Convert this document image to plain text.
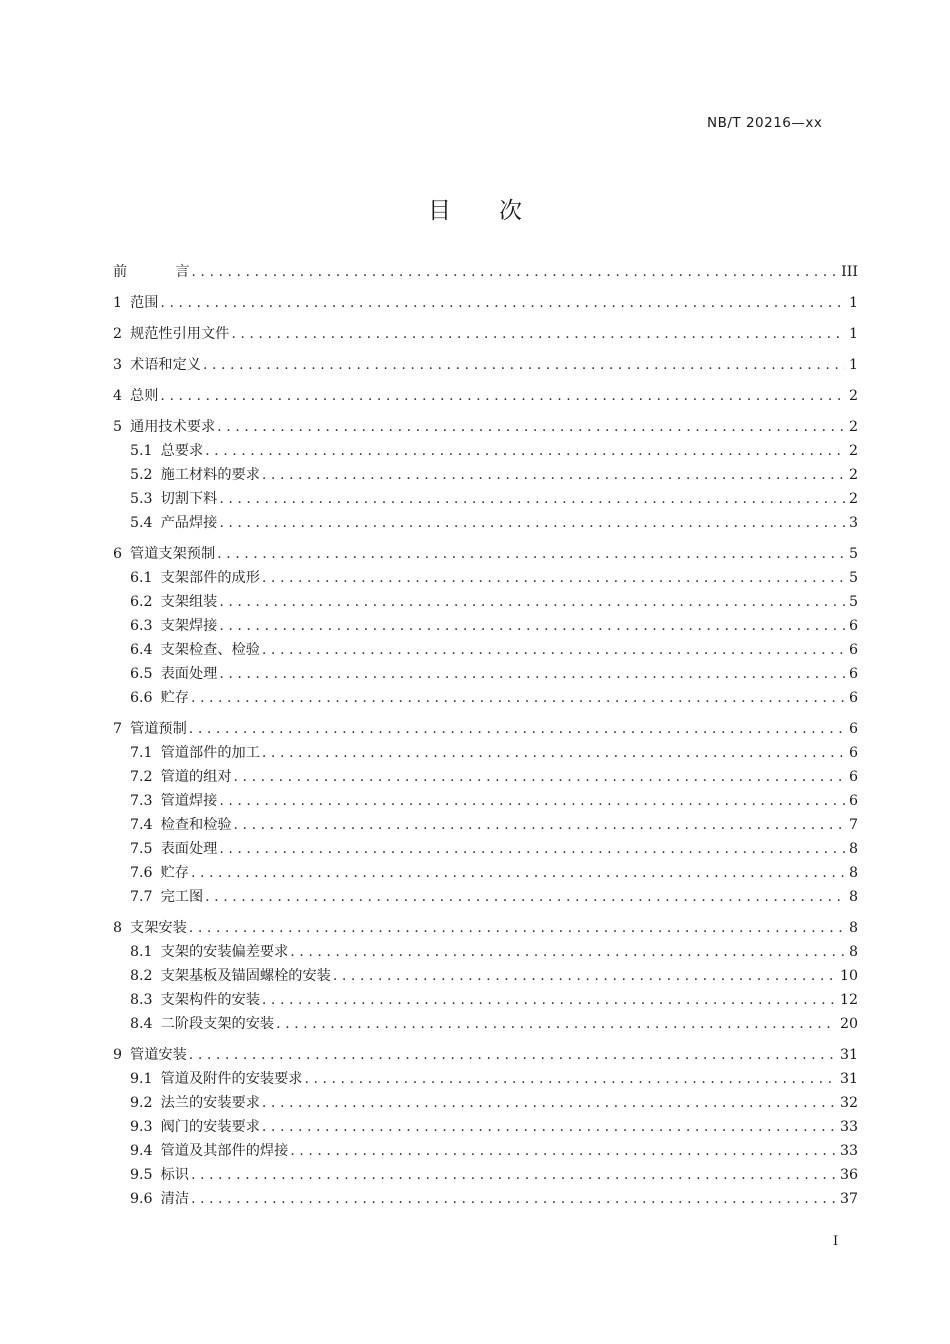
NB/T 20216—xx
目 次
前	言 . . .	III
1 范围 . . .	1
2 规范性引用文件 . . .	1
3 术语和定义 . . .	1
4 总则 . . .	2
5 通用技术要求 . . .	2
5.1 总要求 . . .	2
5.2 施工材料的要求 . . .	2
5.3 切割下料 . . .	2
5.4 产品焊接 . . .	3
6 管道支架预制 . . .	5
6.1 支架部件的成形 . . .	5
6.2 支架组装 . . .	5
6.3 支架焊接 . . .	6
6.4 支架检查、检验 . . .	6
6.5 表面处理 . . .	6
6.6 贮存 . . .	6
7 管道预制 . . .	6
7.1 管道部件的加工 . . .	6
7.2 管道的组对 . . .	6
7.3 管道焊接 . . .	6
7.4 检查和检验 . . .	7
7.5 表面处理 . . .	8
7.6 贮存 . . .	8
7.7 完工图 . . .	8
8 支架安装 . . .	8
8.1 支架的安装偏差要求 . . .	8
8.2 支架基板及锚固螺栓的安装 . . .	10
8.3 支架构件的安装 . . .	12
8.4 二阶段支架的安装 . . .	20
9 管道安装 . . .	31
9.1 管道及附件的安装要求 . . .	31
9.2 法兰的安装要求 . . .	32
9.3 阀门的安装要求 . . .	33
9.4 管道及其部件的焊接 . . .	33
9.5 标识 . . .	36
9.6 清洁 . . .	37
I
